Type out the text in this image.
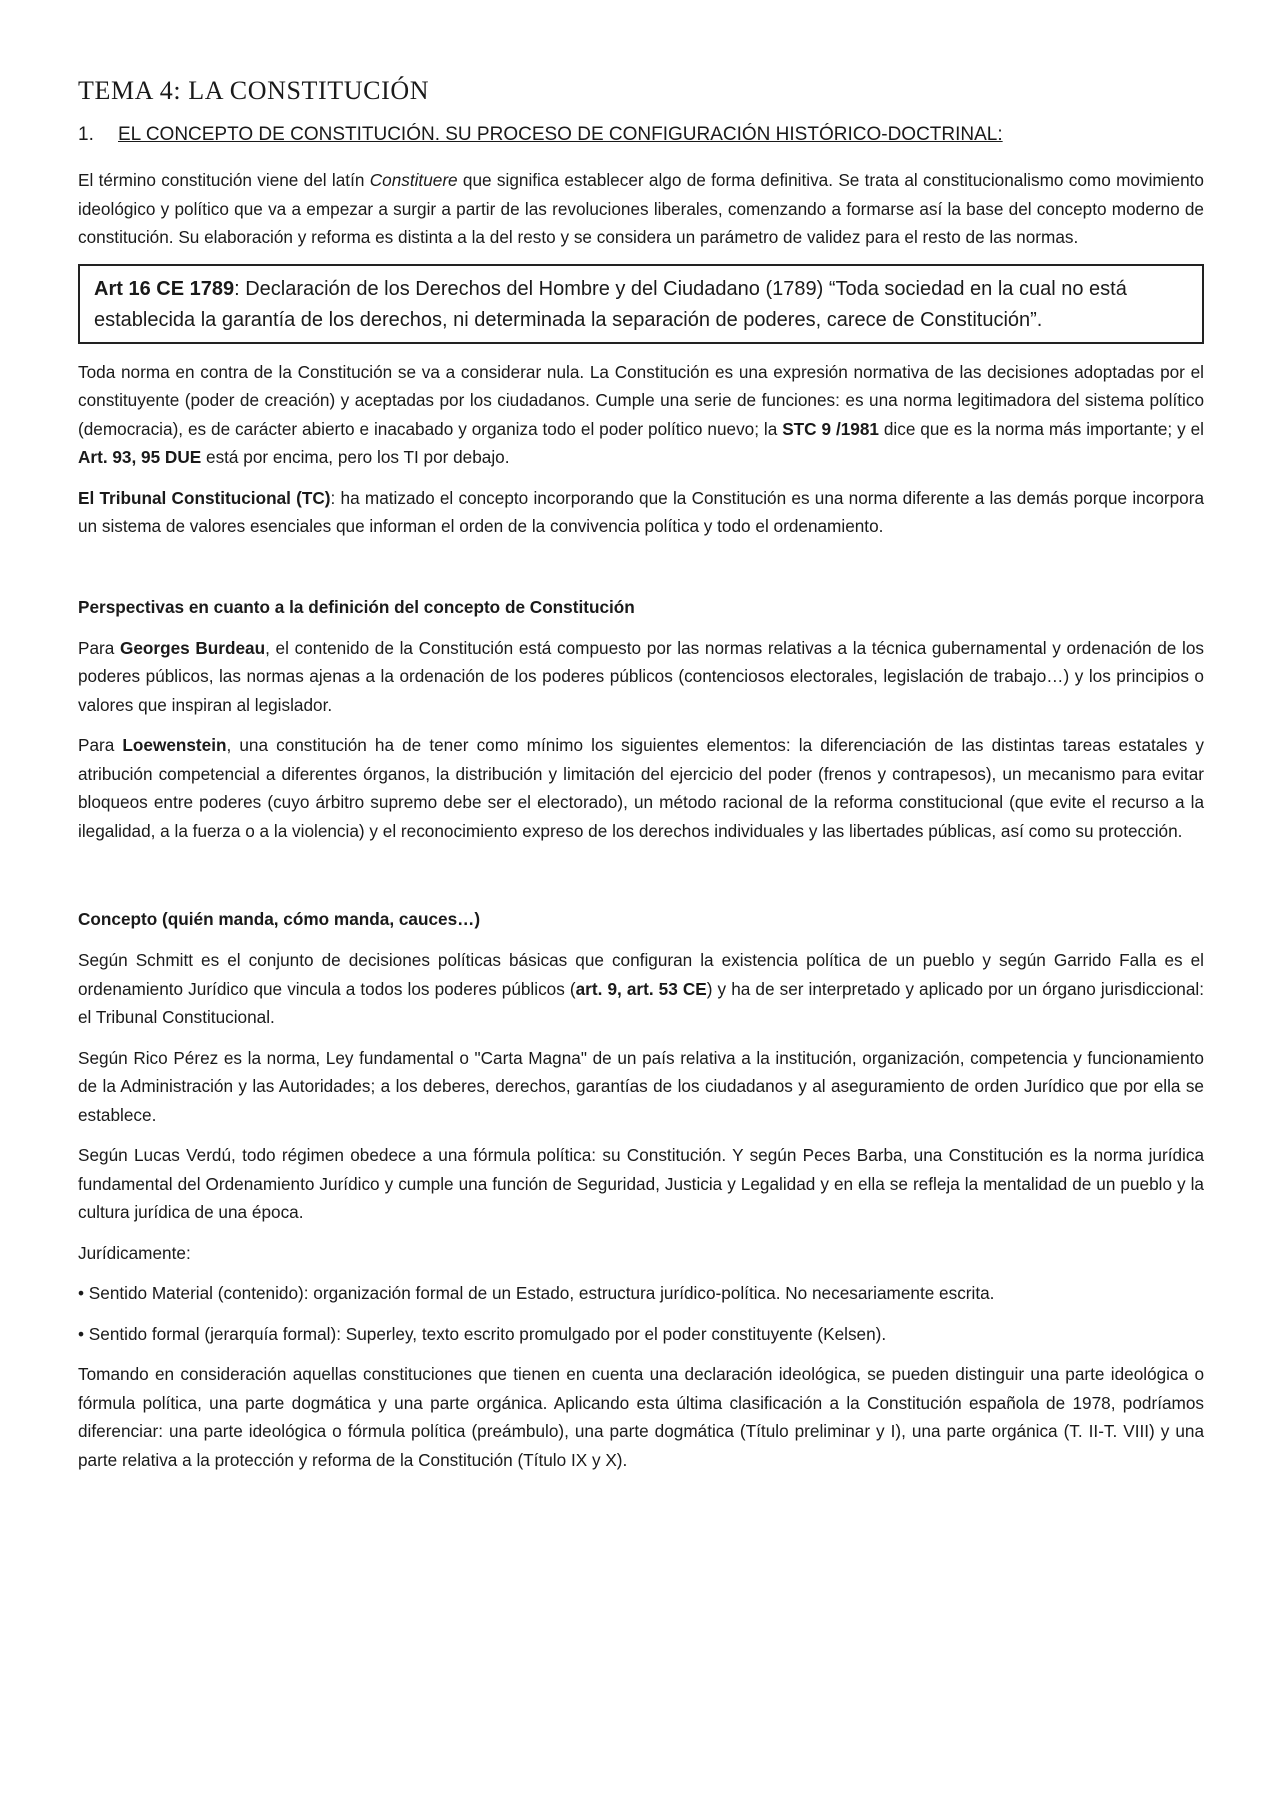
TEMA 4: LA CONSTITUCIÓN
1.	EL CONCEPTO DE CONSTITUCIÓN. SU PROCESO DE CONFIGURACIÓN HISTÓRICO-DOCTRINAL:

El término constitución viene del latín Constituere que significa establecer algo de forma definitiva. Se trata al constitucionalismo como movimiento ideológico y político que va a empezar a surgir a partir de las revoluciones liberales, comenzando a formarse así la base del concepto moderno de constitución. Su elaboración y reforma es distinta a la del resto y se considera un parámetro de validez para el resto de las normas.

Art 16 CE 1789: Declaración de los Derechos del Hombre y del Ciudadano (1789) “Toda sociedad en la cual no está establecida la garantía de los derechos, ni determinada la separación de poderes, carece de Constitución”.

Toda norma en contra de la Constitución se va a considerar nula. La Constitución es una expresión normativa de las decisiones adoptadas por el constituyente (poder de creación) y aceptadas por los ciudadanos. Cumple una serie de funciones: es una norma legitimadora del sistema político (democracia), es de carácter abierto e inacabado y organiza todo el poder político nuevo; la STC 9 /1981 dice que es la norma más importante; y el Art. 93, 95 DUE está por encima, pero los TI por debajo.

El Tribunal Constitucional (TC): ha matizado el concepto incorporando que la Constitución es una norma diferente a las demás porque incorpora un sistema de valores esenciales que informan el orden de la convivencia política y todo el ordenamiento.

Perspectivas en cuanto a la definición del concepto de Constitución

Para Georges Burdeau, el contenido de la Constitución está compuesto por las normas relativas a la técnica gubernamental y ordenación de los poderes públicos, las normas ajenas a la ordenación de los poderes públicos (contenciosos electorales, legislación de trabajo…) y los principios o valores que inspiran al legislador.

Para Loewenstein, una constitución ha de tener como mínimo los siguientes elementos: la diferenciación de las distintas tareas estatales y atribución competencial a diferentes órganos, la distribución y limitación del ejercicio del poder (frenos y contrapesos), un mecanismo para evitar bloqueos entre poderes (cuyo árbitro supremo debe ser el electorado), un método racional de la reforma constitucional (que evite el recurso a la ilegalidad, a la fuerza o a la violencia) y el reconocimiento expreso de los derechos individuales y las libertades públicas, así como su protección.

Concepto (quién manda, cómo manda, cauces…)

Según Schmitt es el conjunto de decisiones políticas básicas que configuran la existencia política de un pueblo y según Garrido Falla es el ordenamiento Jurídico que vincula a todos los poderes públicos (art. 9, art. 53 CE) y ha de ser interpretado y aplicado por un órgano jurisdiccional: el Tribunal Constitucional.

Según Rico Pérez es la norma, Ley fundamental o "Carta Magna" de un país relativa a la institución, organización, competencia y funcionamiento de la Administración y las Autoridades; a los deberes, derechos, garantías de los ciudadanos y al aseguramiento de orden Jurídico que por ella se establece.

Según Lucas Verdú, todo régimen obedece a una fórmula política: su Constitución. Y según Peces Barba, una Constitución es la norma jurídica fundamental del Ordenamiento Jurídico y cumple una función de Seguridad, Justicia y Legalidad y en ella se refleja la mentalidad de un pueblo y la cultura jurídica de una época.

Jurídicamente:

• Sentido Material (contenido): organización formal de un Estado, estructura jurídico-política. No necesariamente escrita.

• Sentido formal (jerarquía formal): Superley, texto escrito promulgado por el poder constituyente (Kelsen).

Tomando en consideración aquellas constituciones que tienen en cuenta una declaración ideológica, se pueden distinguir una parte ideológica o fórmula política, una parte dogmática y una parte orgánica. Aplicando esta última clasificación a la Constitución española de 1978, podríamos diferenciar: una parte ideológica o fórmula política (preámbulo), una parte dogmática (Título preliminar y I), una parte orgánica (T. II-T. VIII) y una parte relativa a la protección y reforma de la Constitución (Título IX y X).
